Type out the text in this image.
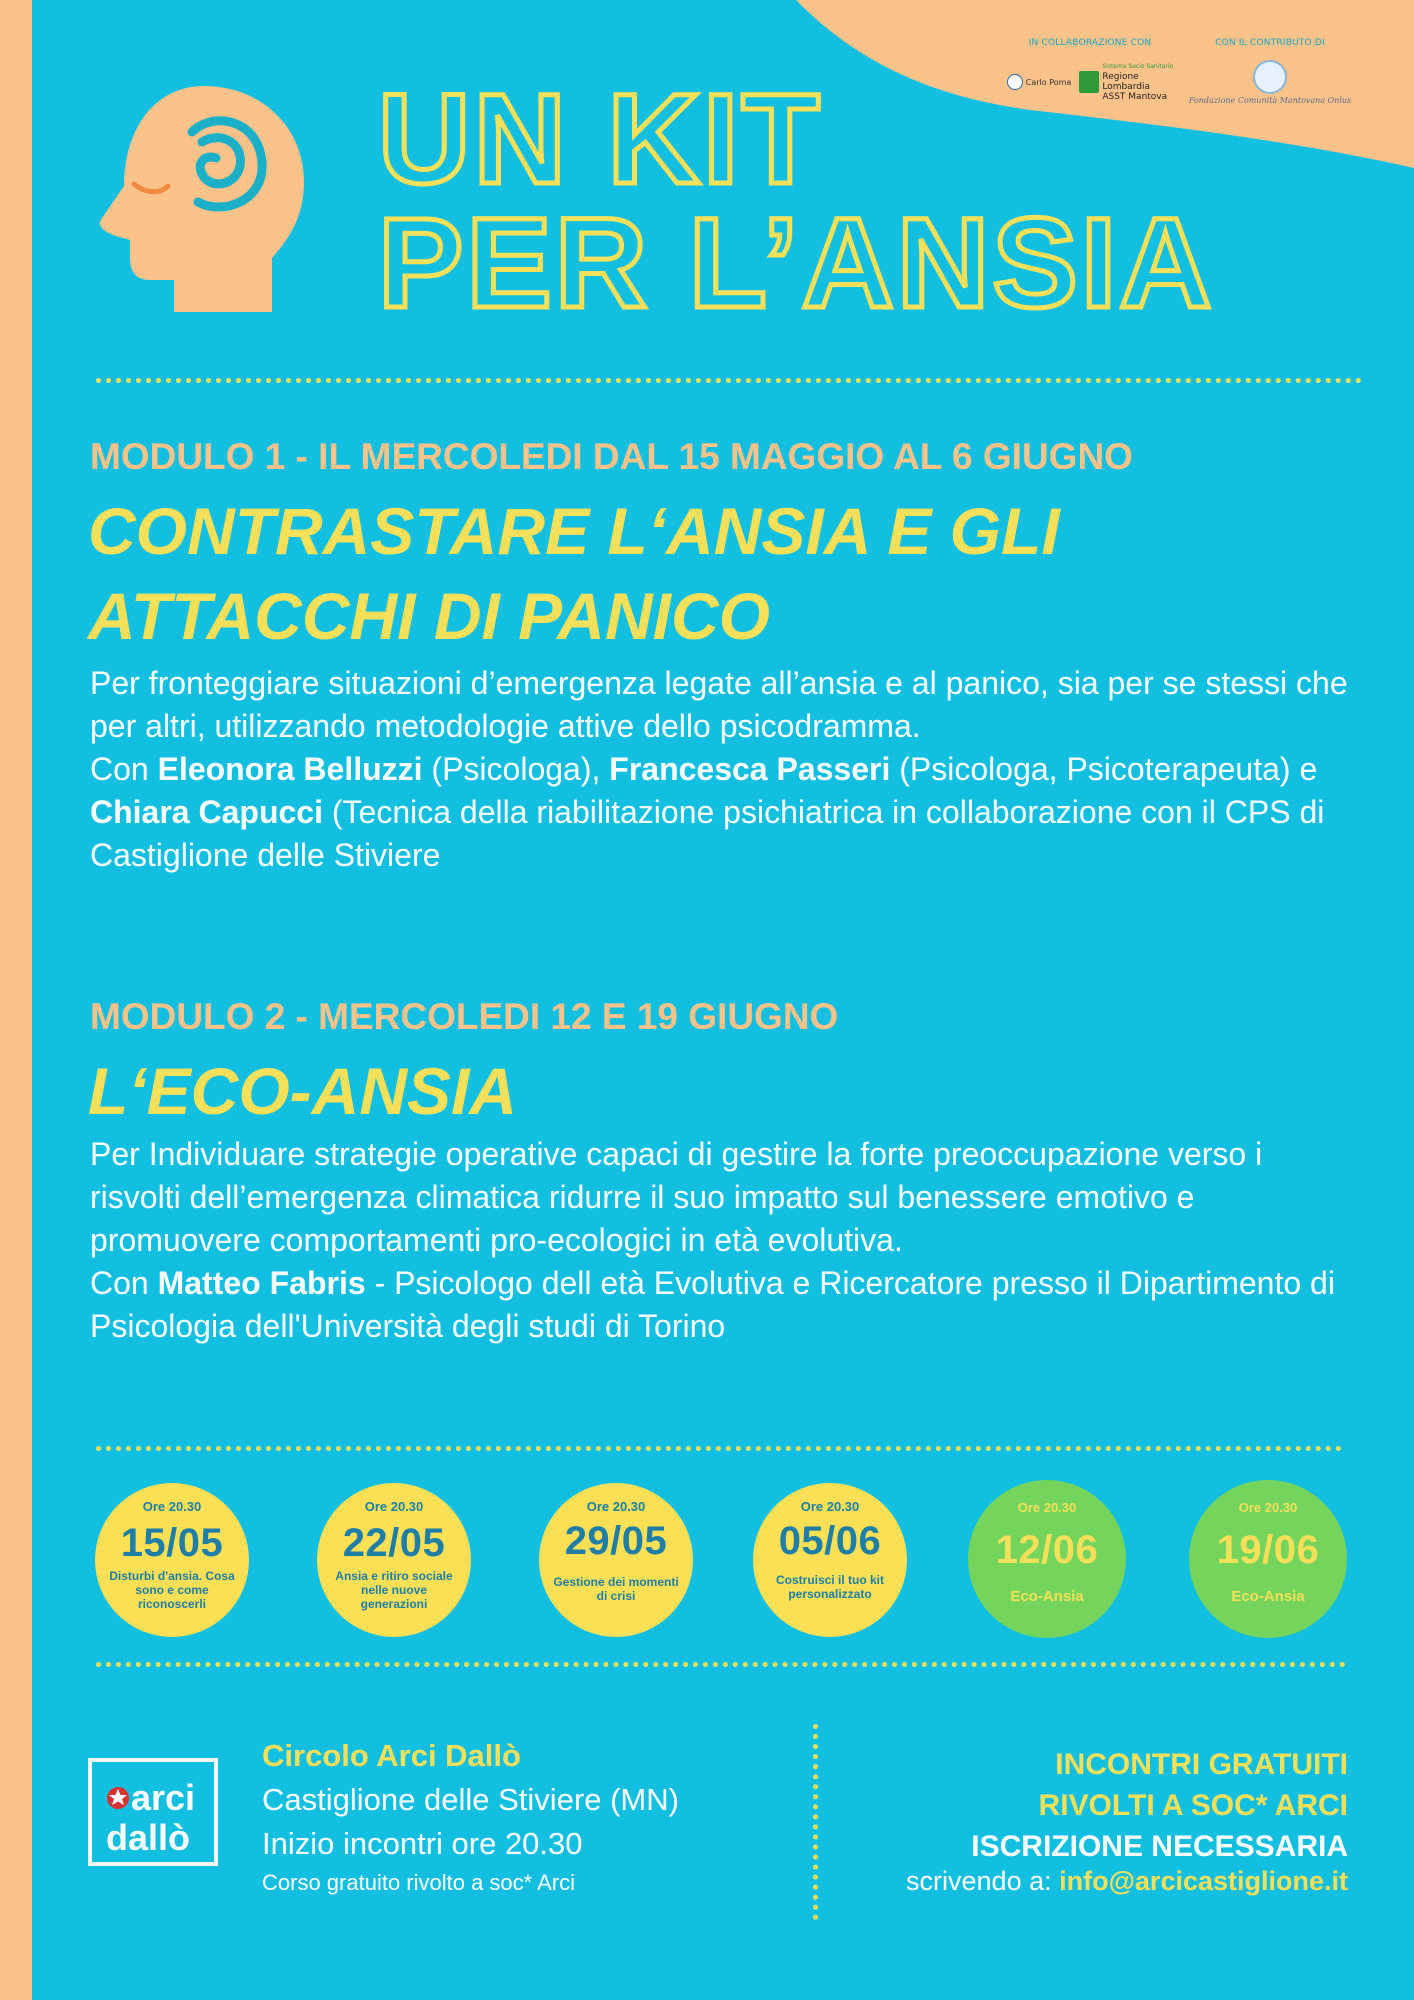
IN COLLABORAZIONE CON
Carlo Poma
Sistema Socio Sanitario
Regione
Lombardia
ASST Mantova
CON IL CONTRIBUTO DI
Fondazione Comunità Mantovana Onlus
UN KIT
PER L’ANSIA
MODULO 1 - IL MERCOLEDI DAL 15 MAGGIO AL 6 GIUGNO
CONTRASTARE L‘ANSIA E GLI
ATTACCHI DI PANICO

Per fronteggiare situazioni d’emergenza legate all’ansia e al panico, sia per se stessi che per altri, utilizzando metodologie attive dello psicodramma.
Con Eleonora Belluzzi (Psicologa), Francesca Passeri (Psicologa, Psicoterapeuta) e Chiara Capucci (Tecnica della riabilitazione psichiatrica in collaborazione con il CPS di Castiglione delle Stiviere

MODULO 2 - MERCOLEDI 12 E 19 GIUGNO
L‘ECO-ANSIA

Per Individuare strategie operative capaci di gestire la forte preoccupazione verso i risvolti dell’emergenza climatica ridurre il suo impatto sul benessere emotivo e promuovere comportamenti pro-ecologici in età evolutiva.
Con Matteo Fabris - Psicologo dell età Evolutiva e Ricercatore presso il Dipartimento di Psicologia dell'Università degli studi di Torino

Ore 20.30
15/05
Disturbi d'ansia. Cosa sono e come riconoscerli
Ore 20.30
22/05
Ansia e ritiro sociale nelle nuove generazioni
Ore 20.30
29/05
Gestione dei momenti di crisi
Ore 20.30
05/06
Costruisci il tuo kit personalizzato
Ore 20.30
12/06
Eco-Ansia
Ore 20.30
19/06
Eco-Ansia
arci
dallò
Circolo Arci Dallò
Castiglione delle Stiviere (MN)
Inizio incontri ore 20.30
Corso gratuito rivolto a soc* Arci
INCONTRI GRATUITI
RIVOLTI A SOC* ARCI
ISCRIZIONE NECESSARIA
scrivendo a: info@arcicastiglione.it
